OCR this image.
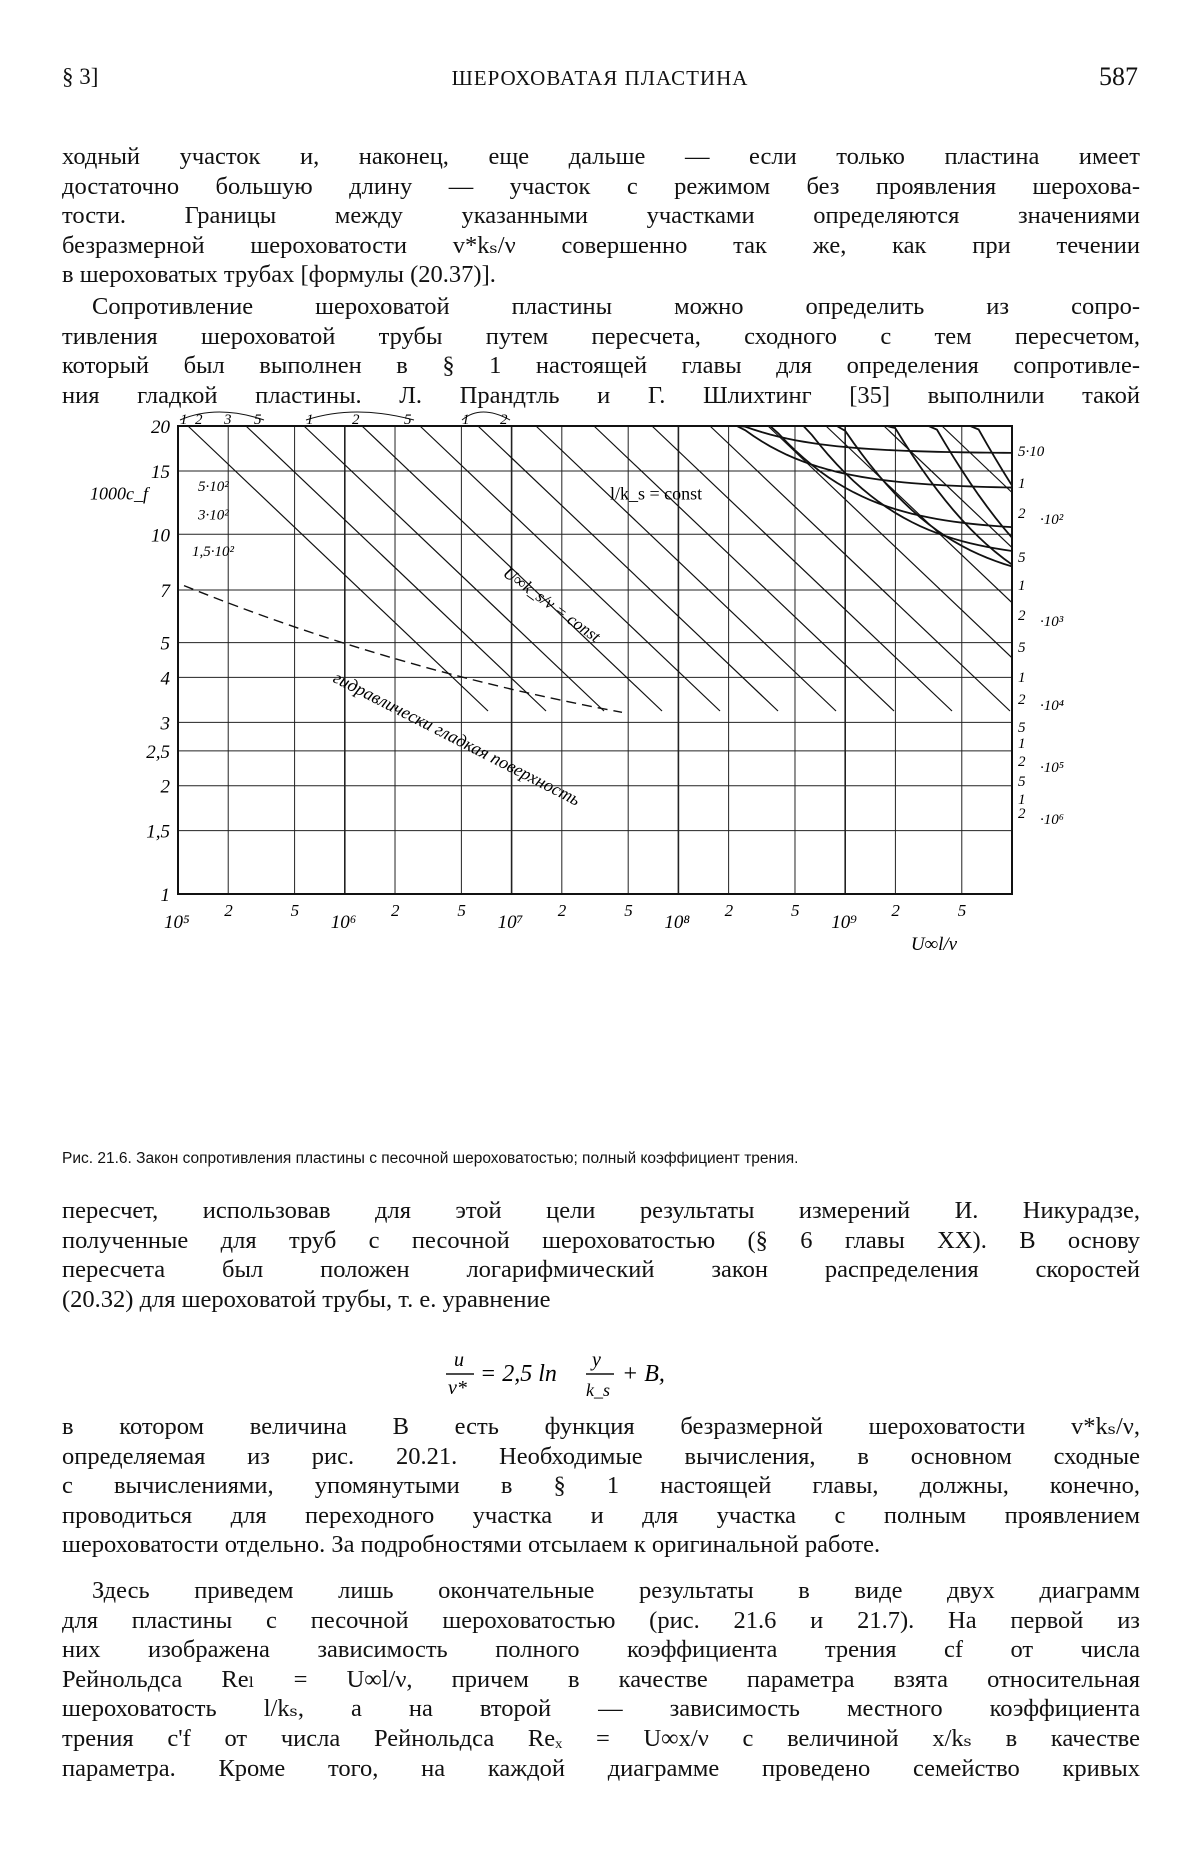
§ 3]	ШЕРОХОВАТАЯ ПЛАСТИНА	587
ходный участок и, наконец, еще дальше — если только пластина имеет
достаточно большую длину — участок с режимом без проявления шерохова-
тости. Границы между указанными участками определяются значениями
безразмерной шероховатости v*kₛ/ν совершенно так же, как при течении
в шероховатых трубах [формулы (20.37)].
Сопротивление шероховатой пластины можно определить из сопро-
тивления шероховатой трубы путем пересчета, сходного с тем пересчетом,
который был выполнен в § 1 настоящей главы для определения сопротивле-
ния гладкой пластины. Л. Прандтль и Г. Шлихтинг [35] выполнили такой
20
15
10
7
5
4
3
2,5
2
1,5
1
1000c_f
10⁵
2	5
10⁶
2	5
10⁷
2	5
10⁸
2	5
10⁹
2	5
U∞l/ν
1 2 3 5	1	2	5	1 2
5·10
1
2 ·10²
5
1
2 ·10³
5
1
2 ·10⁴
5
1
2 ·10⁵
5
1
2 ·10⁶
5·10²
3·10²
1,5·10²
l/k_s = const
U∞k_s/ν = const
гидравлически гладкая поверхность
Рис. 21.6. Закон сопротивления пластины с песочной шероховатостью; полный коэффициент трения.
пересчет, использовав для этой цели результаты измерений И. Никурадзе,
полученные для труб с песочной шероховатостью (§ 6 главы XX). В основу
пересчета был положен логарифмический закон распределения скоростей
(20.32) для шероховатой трубы, т. е. уравнение
u
v*
= 2,5 ln
y
k_s
+ B,
в котором величина B есть функция безразмерной шероховатости v*kₛ/ν,
определяемая из рис. 20.21. Необходимые вычисления, в основном сходные
с вычислениями, упомянутыми в § 1 настоящей главы, должны, конечно,
проводиться для переходного участка и для участка с полным проявлением
шероховатости отдельно. За подробностями отсылаем к оригинальной работе.
Здесь приведем лишь окончательные результаты в виде двух диаграмм
для пластины с песочной шероховатостью (рис. 21.6 и 21.7). На первой из
них изображена зависимость полного коэффициента трения cf от числа
Рейнольдса Reₗ = U∞l/ν, причем в качестве параметра взята относительная
шероховатость l/kₛ, а на второй — зависимость местного коэффициента
трения c'f от числа Рейнольдса Reₓ = U∞x/ν с величиной x/kₛ в качестве
параметра. Кроме того, на каждой диаграмме проведено семейство кривых
